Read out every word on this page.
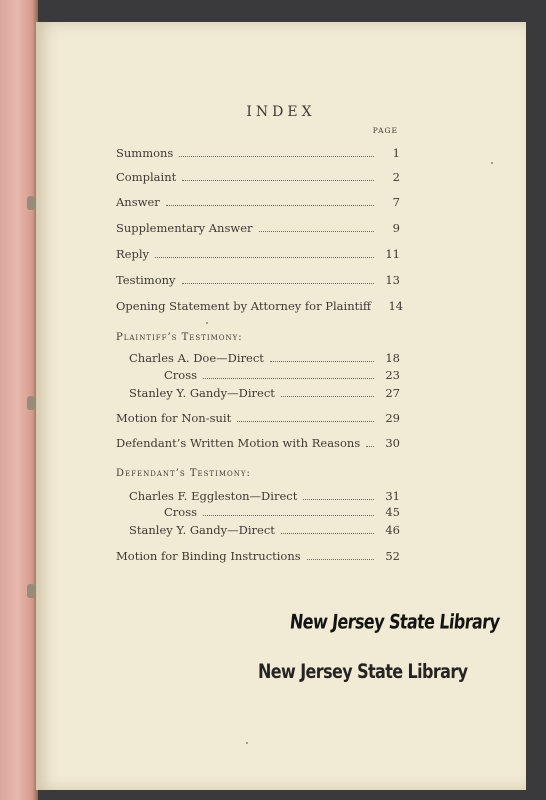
INDEX
PAGE
Summons	1
Complaint	2
Answer	7
Supplementary Answer	9
Reply	11
Testimony	13
Opening Statement by Attorney for Plaintiff	14
Plaintiff’s Testimony:
Charles A. Doe—Direct	18
Cross	23
Stanley Y. Gandy—Direct	27
Motion for Non-suit	29
Defendant’s Written Motion with Reasons	30
Defendant’s Testimony:
Charles F. Eggleston—Direct	31
Cross	45
Stanley Y. Gandy—Direct	46
Motion for Binding Instructions	52
New Jersey State Library
New Jersey State Library
